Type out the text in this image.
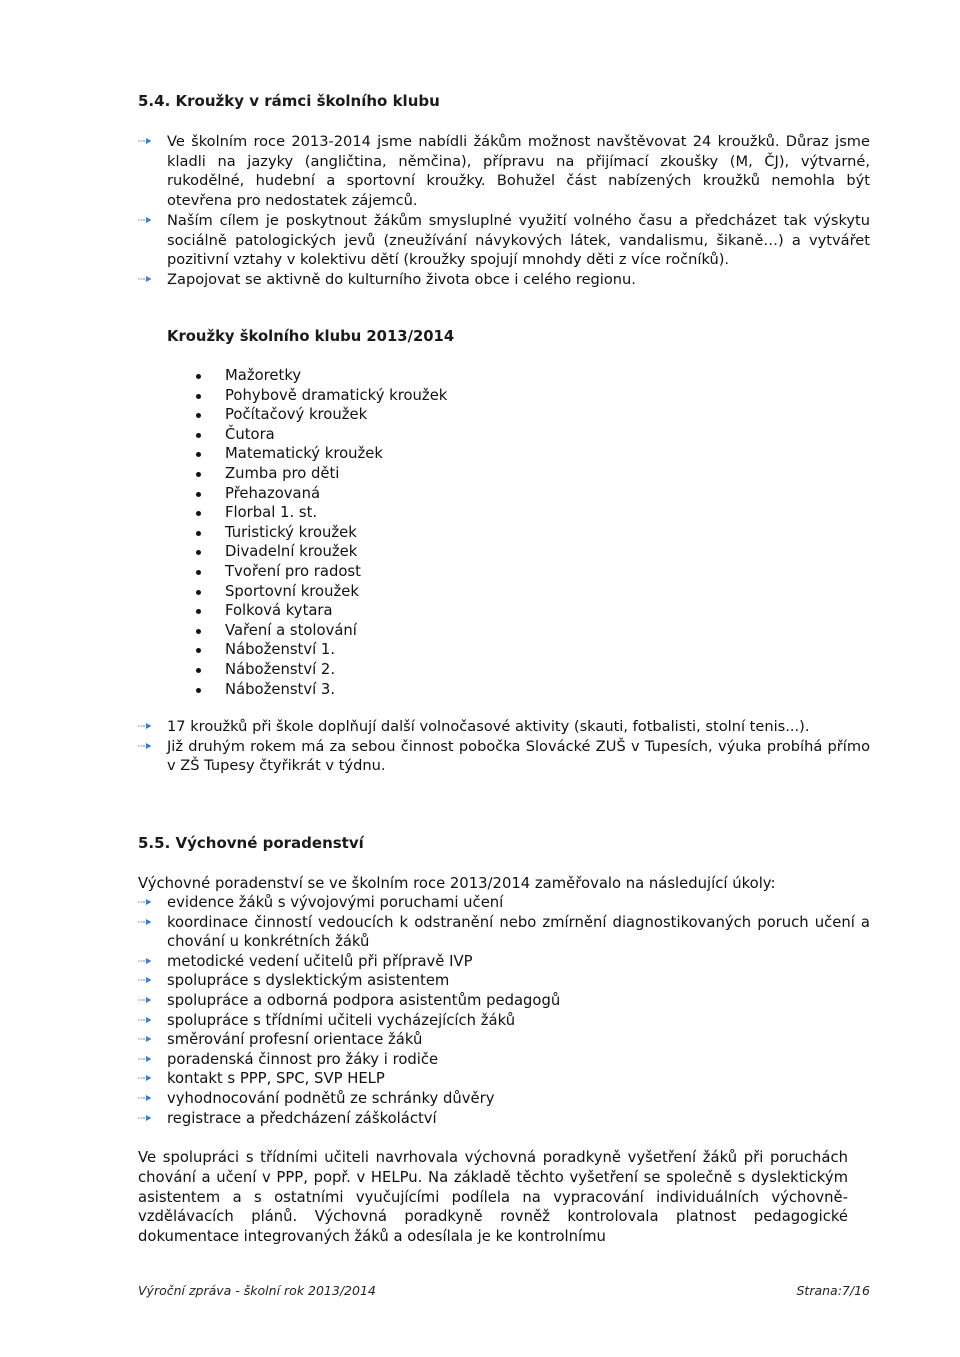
5.4. Kroužky v rámci školního klubu
Ve školním roce 2013-2014 jsme nabídli žákům možnost navštěvovat 24 kroužků. Důraz jsme kladli na jazyky (angličtina, němčina), přípravu na přijímací zkoušky (M, ČJ), výtvarné, rukodělné, hudební a sportovní kroužky. Bohužel část nabízených kroužků nemohla být otevřena pro nedostatek zájemců.
Naším cílem je poskytnout žákům smysluplné využití volného času a předcházet tak výskytu sociálně patologických jevů (zneužívání návykových látek, vandalismu, šikaně…) a vytvářet pozitivní vztahy v kolektivu dětí (kroužky spojují mnohdy děti z více ročníků).
Zapojovat se aktivně do kulturního života obce i celého regionu.
Kroužky školního klubu 2013/2014
Mažoretky
Pohybově dramatický kroužek
Počítačový kroužek
Čutora
Matematický kroužek
Zumba pro děti
Přehazovaná
Florbal 1. st.
Turistický kroužek
Divadelní kroužek
Tvoření pro radost
Sportovní kroužek
Folková kytara
Vaření a stolování
Náboženství 1.
Náboženství 2.
Náboženství 3.
17 kroužků při škole doplňují další volnočasové aktivity (skauti, fotbalisti, stolní tenis...).
Již druhým rokem má za sebou činnost pobočka Slovácké ZUŠ v Tupesích, výuka probíhá přímo v ZŠ Tupesy čtyřikrát v týdnu.
5.5. Výchovné poradenství

Výchovné poradenství se ve školním roce 2013/2014 zaměřovalo na následující úkoly:

evidence žáků s vývojovými poruchami učení
koordinace činností vedoucích k odstranění nebo zmírnění diagnostikovaných poruch učení a chování u konkrétních žáků
metodické vedení učitelů při přípravě IVP
spolupráce s dyslektickým asistentem
spolupráce a odborná podpora asistentům pedagogů
spolupráce s třídními učiteli vycházejících žáků
směrování profesní orientace žáků
poradenská činnost pro žáky i rodiče
kontakt s PPP, SPC, SVP HELP
vyhodnocování podnětů ze schránky důvěry
registrace a předcházení záškoláctví

Ve spolupráci s třídními učiteli navrhovala výchovná poradkyně vyšetření žáků při poruchách chování a učení v PPP, popř. v HELPu. Na základě těchto vyšetření se společně s dyslektickým asistentem a s ostatními vyučujícími podílela na vypracování individuálních výchovně-vzdělávacích plánů. Výchovná poradkyně rovněž kontrolovala platnost pedagogické dokumentace integrovaných žáků a odesílala je ke kontrolnímu

Výroční zpráva - školní rok 2013/2014	Strana:7/16
